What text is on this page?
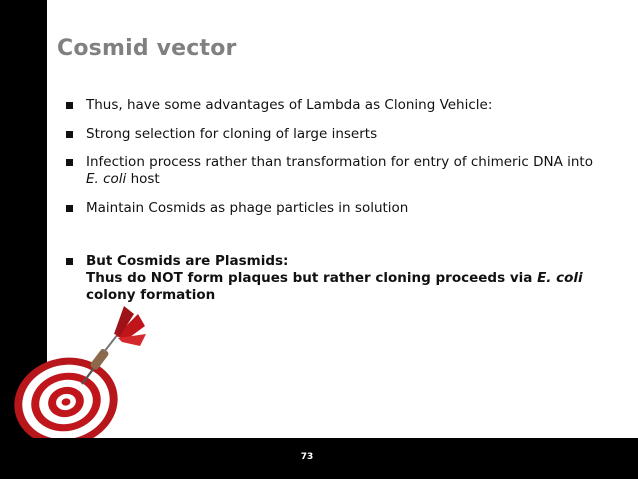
Cosmid vector
Thus, have some advantages of Lambda as Cloning Vehicle:
Strong selection for cloning of large inserts
Infection process rather than transformation for entry of chimeric DNA into E. coli host
Maintain Cosmids as phage particles in solution
But Cosmids are Plasmids:
Thus do NOT form plaques but rather cloning proceeds via E. coli colony formation
73
